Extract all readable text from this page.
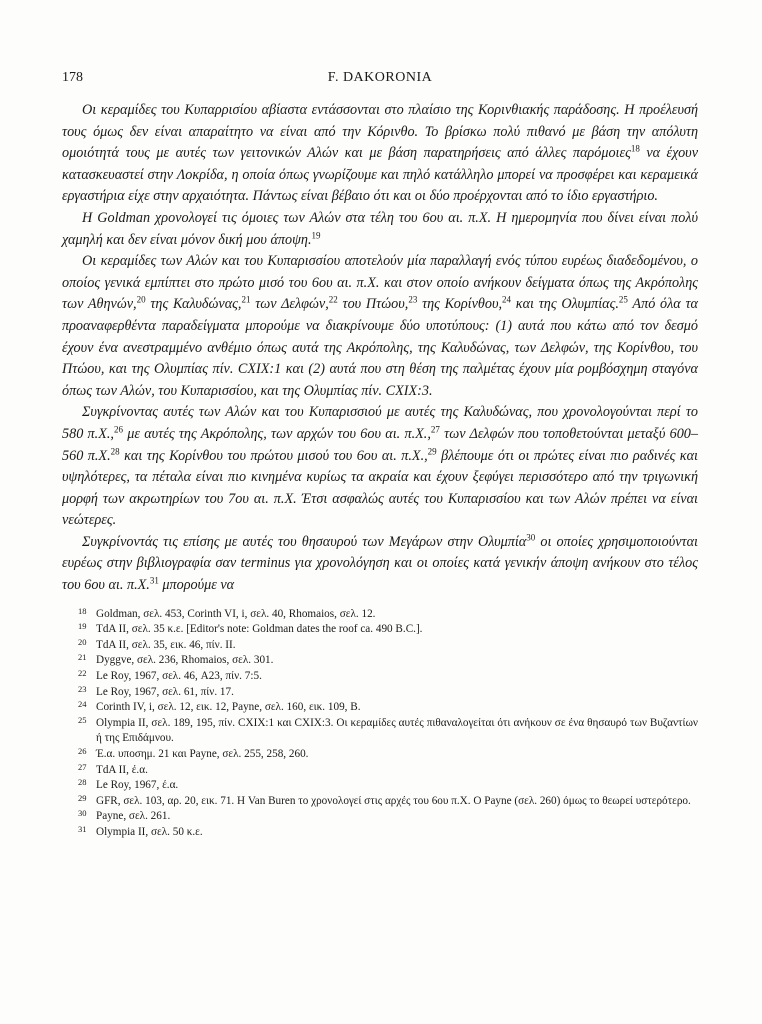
178	F. DAKORONIA

Οι κεραμίδες του Κυπαρρισίου αβίαστα εντάσσονται στο πλαίσιο της Κορινθιακής παράδοσης. Η προέλευσή τους όμως δεν είναι απαραίτητο να είναι από την Κόρινθο. Το βρίσκω πολύ πιθανό με βάση την απόλυτη ομοιότητά τους με αυτές των γειτονικών Αλών και με βάση παρατηρήσεις από άλλες παρόμοιες$^{18}$ να έχουν κατασκευαστεί στην Λοκρίδα, η οποία όπως γνωρίζουμε και πηλό κατάλληλο μπορεί να προσφέρει και κεραμεικά εργαστήρια είχε στην αρχαιότητα. Πάντως είναι βέβαιο ότι και οι δύο προέρχονται από το ίδιο εργαστήριο.

Η Goldman χρονολογεί τις όμοιες των Αλών στα τέλη του 6ου αι. π.Χ. Η ημερομηνία που δίνει είναι πολύ χαμηλή και δεν είναι μόνον δική μου άποψη.$^{19}$

Οι κεραμίδες των Αλών και του Κυπαρισσίου αποτελούν μία παραλλαγή ενός τύπου ευρέως διαδεδομένου, ο οποίος γενικά εμπίπτει στο πρώτο μισό του 6ου αι. π.Χ. και στον οποίο ανήκουν δείγματα όπως της Ακρόπολης των Αθηνών,$^{20}$ της Καλυδώνας,$^{21}$ των Δελφών,$^{22}$ του Πτώου,$^{23}$ της Κορίνθου,$^{24}$ και της Ολυμπίας.$^{25}$ Από όλα τα προαναφερθέντα παραδείγματα μπορούμε να διακρίνουμε δύο υποτύπους: (1) αυτά που κάτω από τον δεσμό έχουν ένα ανεστραμμένο ανθέμιο όπως αυτά της Ακρόπολης, της Καλυδώνας, των Δελφών, της Κορίνθου, του Πτώου, και της Ολυμπίας πίν. CXIX:1 και (2) αυτά που στη θέση της παλμέτας έχουν μία ρομβόσχημη σταγόνα όπως των Αλών, του Κυπαρισσίου, και της Ολυμπίας πίν. CXIX:3.

Συγκρίνοντας αυτές των Αλών και του Κυπαρισσιού με αυτές της Καλυδώνας, που χρονολογούνται περί το 580 π.Χ.,$^{26}$ με αυτές της Ακρόπολης, των αρχών του 6ου αι. π.Χ.,$^{27}$ των Δελφών που τοποθετούνται μεταξύ 600–560 π.Χ.$^{28}$ και της Κορίνθου του πρώτου μισού του 6ου αι. π.Χ.,$^{29}$ βλέπουμε ότι οι πρώτες είναι πιο ραδινές και υψηλότερες, τα πέταλα είναι πιο κινημένα κυρίως τα ακραία και έχουν ξεφύγει περισσότερο από την τριγωνική μορφή των ακρωτηρίων του 7ου αι. π.Χ. Έτσι ασφαλώς αυτές του Κυπαρισσίου και των Αλών πρέπει να είναι νεώτερες.

Συγκρίνοντάς τις επίσης με αυτές του θησαυρού των Μεγάρων στην Ολυμπία$^{30}$ οι οποίες χρησιμοποιούνται ευρέως στην βιβλιογραφία σαν terminus για χρονολόγηση και οι οποίες κατά γενικήν άποψη ανήκουν στο τέλος του 6ου αι. π.Χ.$^{31}$ μπορούμε να

18 Goldman, σελ. 453, Corinth VI, i, σελ. 40, Rhomaios, σελ. 12.
19 TdA II, σελ. 35 κ.ε. [Editor's note: Goldman dates the roof ca. 490 B.C.].
20 TdA II, σελ. 35, εικ. 46, πίν. II.
21 Dyggve, σελ. 236, Rhomaios, σελ. 301.
22 Le Roy, 1967, σελ. 46, A23, πίν. 7:5.
23 Le Roy, 1967, σελ. 61, πίν. 17.
24 Corinth IV, i, σελ. 12, εικ. 12, Payne, σελ. 160, εικ. 109, B.
25 Olympia II, σελ. 189, 195, πίν. CXIX:1 και CXIX:3. Οι κεραμίδες αυτές πιθαναλογείται ότι ανήκουν σε ένα θησαυρό των Βυζαντίων ή της Επιδάμνου.
26 Έ.α. υποσημ. 21 και Payne, σελ. 255, 258, 260.
27 TdA II, έ.α.
28 Le Roy, 1967, έ.α.
29 GFR, σελ. 103, αρ. 20, εικ. 71. Η Van Buren το χρονολογεί στις αρχές του 6ου π.Χ. Ο Payne (σελ. 260) όμως το θεωρεί υστερότερο.
30 Payne, σελ. 261.
31 Olympia II, σελ. 50 κ.ε.
